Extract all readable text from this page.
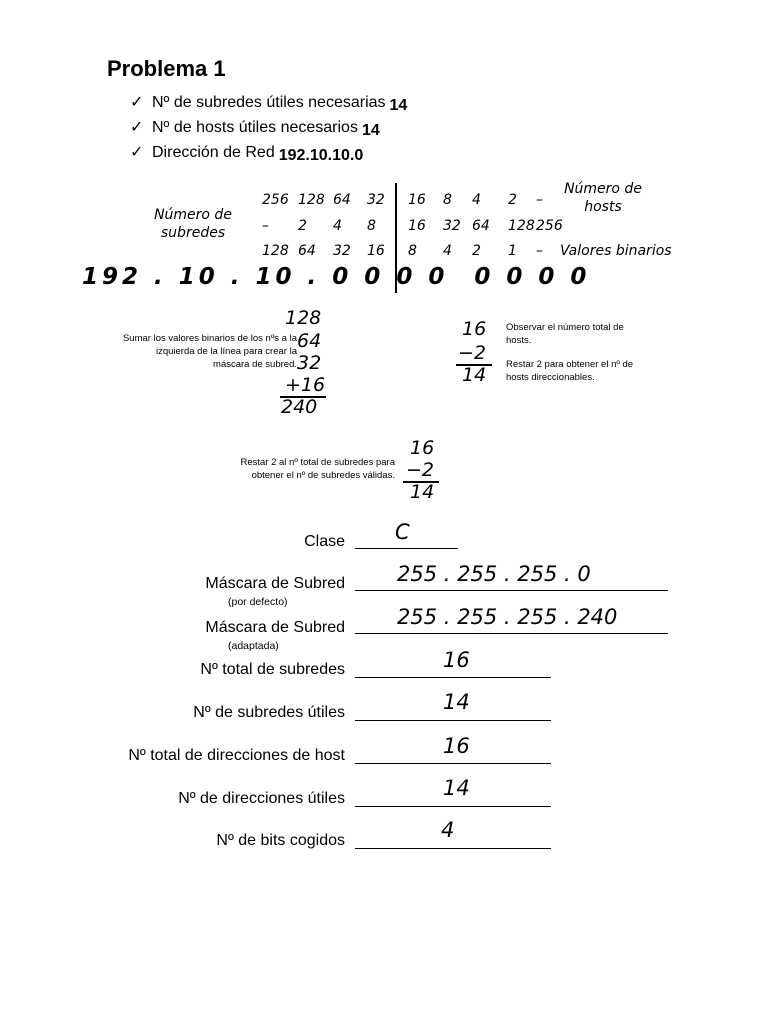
Problema 1
✓ Nº de subredes útiles necesarias 14
✓ Nº de hosts útiles necesarios 14
✓ Dirección de Red 192.10.10.0
Número de subredes
Número de hosts
Valores binarios
256 128 64 32 16 8 4 2 –
– 2 4 8 16 32 64 128 256
128 64 32 16 8 4 2 1 –
192 . 10 . 10 . 0 0 0 0 0 0 0 0
Sumar los valores binarios de los nºs a la izquierda de la línea para crear la máscara de subred.
128
64
32
+16
240
16
−2
14
Observar el número total de hosts.
Restar 2 para obtener el nº de hosts direccionables.
Restar 2 al nº total de subredes para obtener el nº de subredes válidas.
16
−2
14
Clase C
Máscara de Subred
(por defecto)
255 . 255 . 255 . 0
Máscara de Subred
(adaptada)
255 . 255 . 255 . 240
Nº total de subredes	16
Nº de subredes útiles	14
Nº total de direcciones de host	16
Nº de direcciones útiles	14
Nº de bits cogidos	4
